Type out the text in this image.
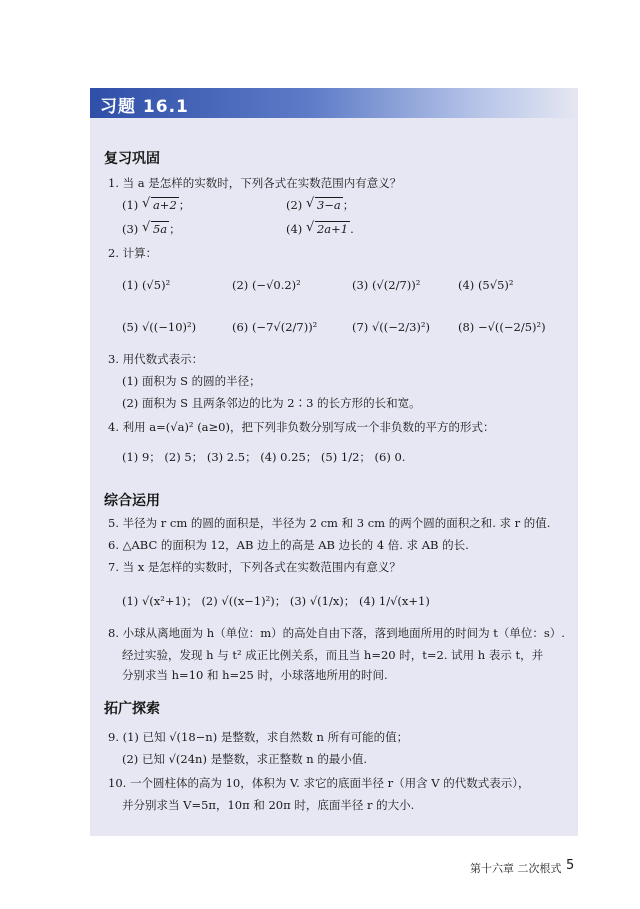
习题 16.1
复习巩固
1. 当 a 是怎样的实数时，下列各式在实数范围内有意义？
(1) √ a+2 ；	(2) √ 3−a ；
(3) √ 5a ；	(4) √ 2a+1 .
2. 计算：
(1) (√5)²	(2) (−√0.2)²	(3) (√(2/7))²	(4) (5√5)²
(5) √((−10)²)	(6) (−7√(2/7))²	(7) √((−2/3)²) (8) −√((−2/5)²)
3. 用代数式表示：
(1) 面积为 S 的圆的半径；
(2) 面积为 S 且两条邻边的比为 2∶3 的长方形的长和宽。
4. 利用 a=(√a)² (a≥0)，把下列非负数分别写成一个非负数的平方的形式：
(1) 9； (2) 5； (3) 2.5； (4) 0.25； (5) 1/2； (6) 0.
综合运用
5. 半径为 r cm 的圆的面积是，半径为 2 cm 和 3 cm 的两个圆的面积之和. 求 r 的值.
6. △ABC 的面积为 12，AB 边上的高是 AB 边长的 4 倍. 求 AB 的长.
7. 当 x 是怎样的实数时，下列各式在实数范围内有意义？
(1) √(x²+1)； (2) √((x−1)²)； (3) √(1/x)； (4) 1/√(x+1)
8. 小球从离地面为 h（单位：m）的高处自由下落，落到地面所用的时间为 t（单位：s）.
经过实验，发现 h 与 t² 成正比例关系，而且当 h=20 时，t=2. 试用 h 表示 t，并
分别求当 h=10 和 h=25 时，小球落地所用的时间.
拓广探索
9. (1) 已知 √(18−n) 是整数，求自然数 n 所有可能的值；
(2) 已知 √(24n) 是整数，求正整数 n 的最小值.
10. 一个圆柱体的高为 10，体积为 V. 求它的底面半径 r（用含 V 的代数式表示），
并分别求当 V=5π，10π 和 20π 时，底面半径 r 的大小.
第十六章 二次根式 5
